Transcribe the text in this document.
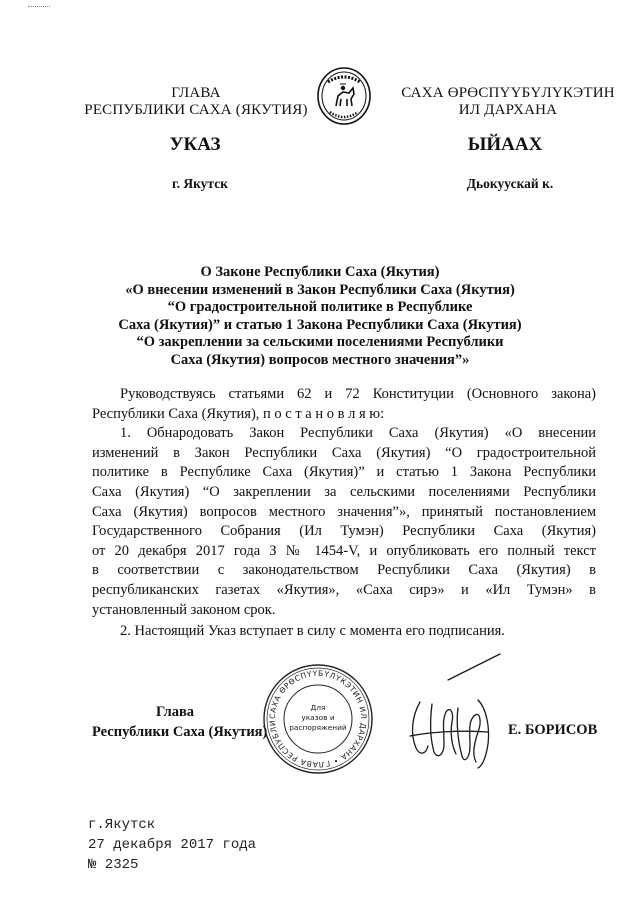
ГЛАВА
РЕСПУБЛИКИ САХА (ЯКУТИЯ)
САХА ӨРӨСПҮҮБҮЛҮКЭТИН
ИЛ ДАРХАНА
УКАЗ	ЫЙААХ
г. Якутск	Дьокуускай к.
О Законе Республики Саха (Якутия)
«О внесении изменений в Закон Республики Саха (Якутия)
“О градостроительной политике в Республике
Саха (Якутия)” и статью 1 Закона Республики Саха (Якутия)
“О закреплении за сельскими поселениями Республики
Саха (Якутия) вопросов местного значения”»

Руководствуясь статьями 62 и 72 Конституции (Основного закона)

Республики Саха (Якутия), п о с т а н о в л я ю:

1. Обнародовать Закон Республики Саха (Якутия) «О внесении

изменений в Закон Республики Саха (Якутия) “О градостроительной

политике в Республике Саха (Якутия)” и статью 1 Закона Республики

Саха (Якутия) “О закреплении за сельскими поселениями Республики

Саха (Якутия) вопросов местного значения”», принятый постановлением

Государственного Собрания (Ил Тумэн) Республики Саха (Якутия)

от 20 декабря 2017 года З № 1454-V, и опубликовать его полный текст

в соответствии с законодательством Республики Саха (Якутия) в

республиканских газетах «Якутия», «Саха сирэ» и «Ил Тумэн» в

установленный законом срок.

2. Настоящий Указ вступает в силу с момента его подписания.

Глава
Республики Саха (Якутия)
САХА ӨРӨСПҮҮБҮЛҮКЭТИН ИЛ ДАРХАНА • ГЛАВА РЕСПУБЛИ
Для
указов и
распоряжений	Е. БОРИСОВ
г.Якутск
27 декабря 2017 года
№ 2325
